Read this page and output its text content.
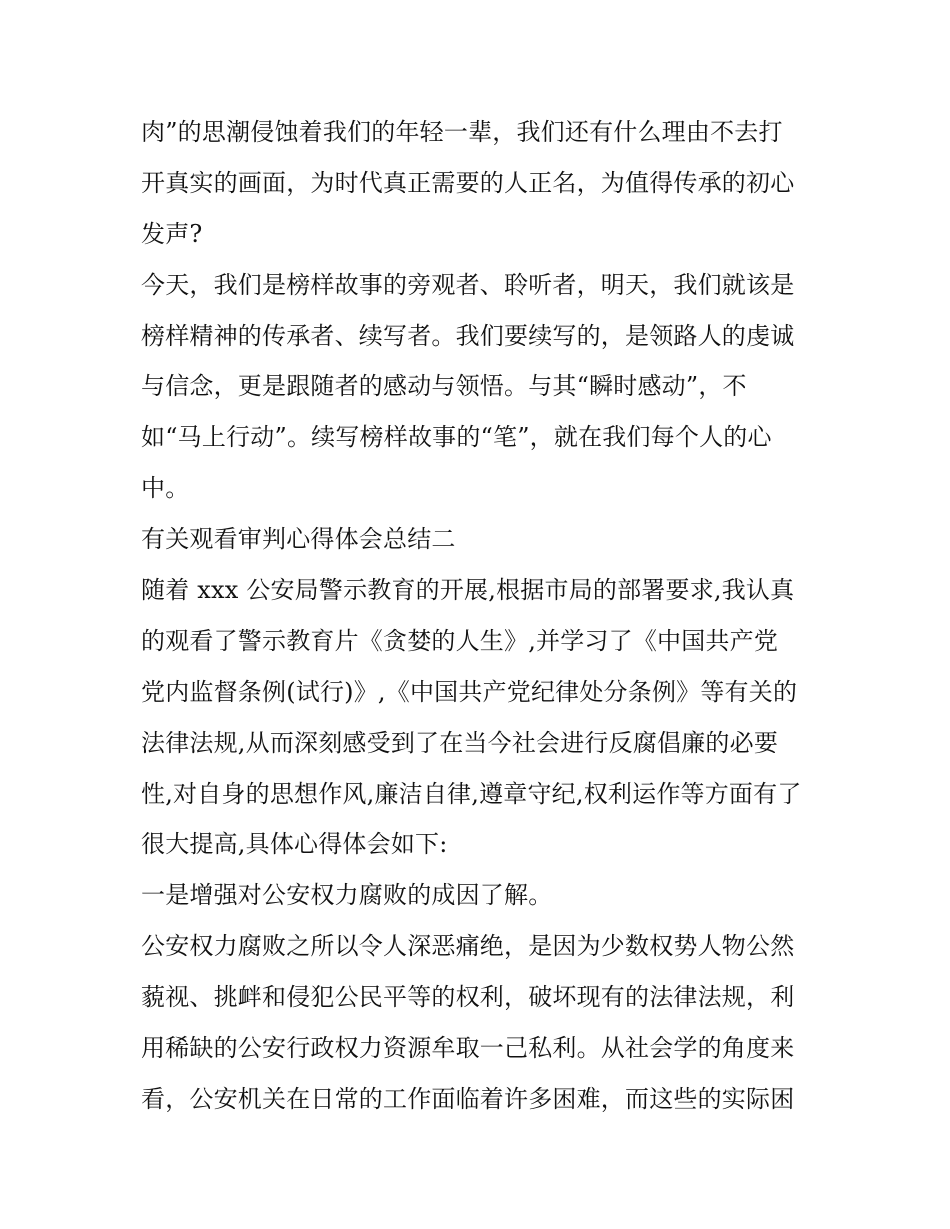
肉”的思潮侵蚀着我们的年轻一辈，我们还有什么理由不去打
开真实的画面，为时代真正需要的人正名，为值得传承的初心
发声?
今天，我们是榜样故事的旁观者、聆听者，明天，我们就该是
榜样精神的传承者、续写者。我们要续写的，是领路人的虔诚
与信念，更是跟随者的感动与领悟。与其“瞬时感动”，不
如“马上行动”。续写榜样故事的“笔”，就在我们每个人的心
中。
有关观看审判心得体会总结二
随着 xxx 公安局警示教育的开展,根据市局的部署要求,我认真
的观看了警示教育片《贪婪的人生》,并学习了《中国共产党
党内监督条例(试行)》,《中国共产党纪律处分条例》等有关的
法律法规,从而深刻感受到了在当今社会进行反腐倡廉的必要
性,对自身的思想作风,廉洁自律,遵章守纪,权利运作等方面有了
很大提高,具体心得体会如下:
一是增强对公安权力腐败的成因了解。
公安权力腐败之所以令人深恶痛绝，是因为少数权势人物公然
藐视、挑衅和侵犯公民平等的权利，破坏现有的法律法规，利
用稀缺的公安行政权力资源牟取一己私利。从社会学的角度来
看，公安机关在日常的工作面临着许多困难，而这些的实际困
